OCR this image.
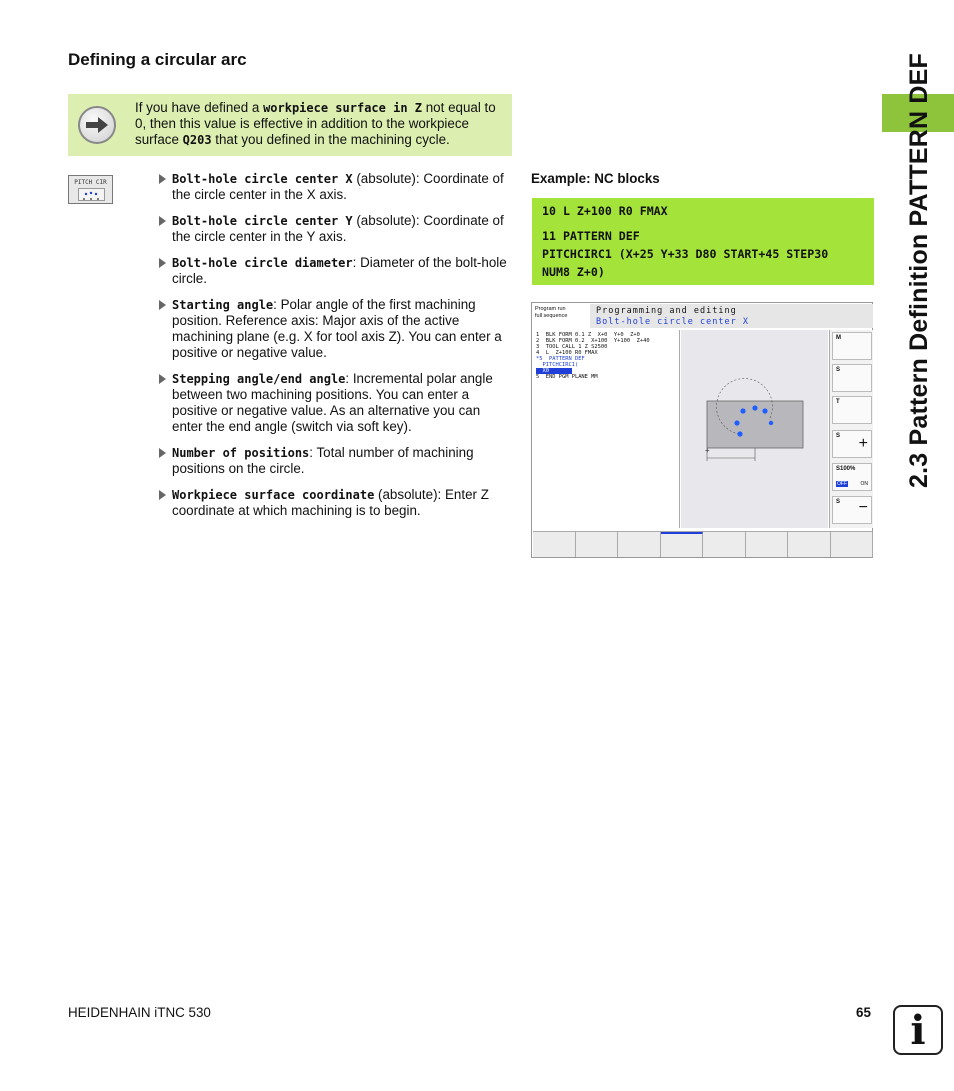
2.3 Pattern Definition PATTERN DEF
Defining a circular arc
If you have defined a workpiece surface in Z not equal to 0, then this value is effective in addition to the workpiece surface Q203 that you defined in the machining cycle.
PITCH CIR	Bolt-hole circle center X (absolute): Coordinate of the circle center in the X axis.
Bolt-hole circle center Y (absolute): Coordinate of the circle center in the Y axis.
Bolt-hole circle diameter: Diameter of the bolt-hole circle.
Starting angle: Polar angle of the first machining position. Reference axis: Major axis of the active machining plane (e.g. X for tool axis Z). You can enter a positive or negative value.
Stepping angle/end angle: Incremental polar angle between two machining positions. You can enter a positive or negative value. As an alternative you can enter the end angle (switch via soft key).
Number of positions: Total number of machining positions on the circle.
Workpiece surface coordinate (absolute): Enter Z coordinate at which machining is to begin.
Example: NC blocks
10 L Z+100 R0 FMAX
11 PATTERN DEF
PITCHCIRC1 (X+25 Y+33 D80 START+45 STEP30
NUM8 Z+0)
Program run
full sequence	Programming and editing
Bolt-hole circle center X
1  BLK FORM 0.1 Z  X+0  Y+0  Z+0
2  BLK FORM 0.2  X+100  Y+100  Z+40
3  TOOL CALL 1 Z S2500
4  L  Z+100 R0 FMAX
*5  PATTERN DEF
PITCHCIRC1(
X0
5  END PGM PLANE MM
+
M
S
T
S +
S100%
OFF	ON
S −
HEIDENHAIN iTNC 530	65 i
